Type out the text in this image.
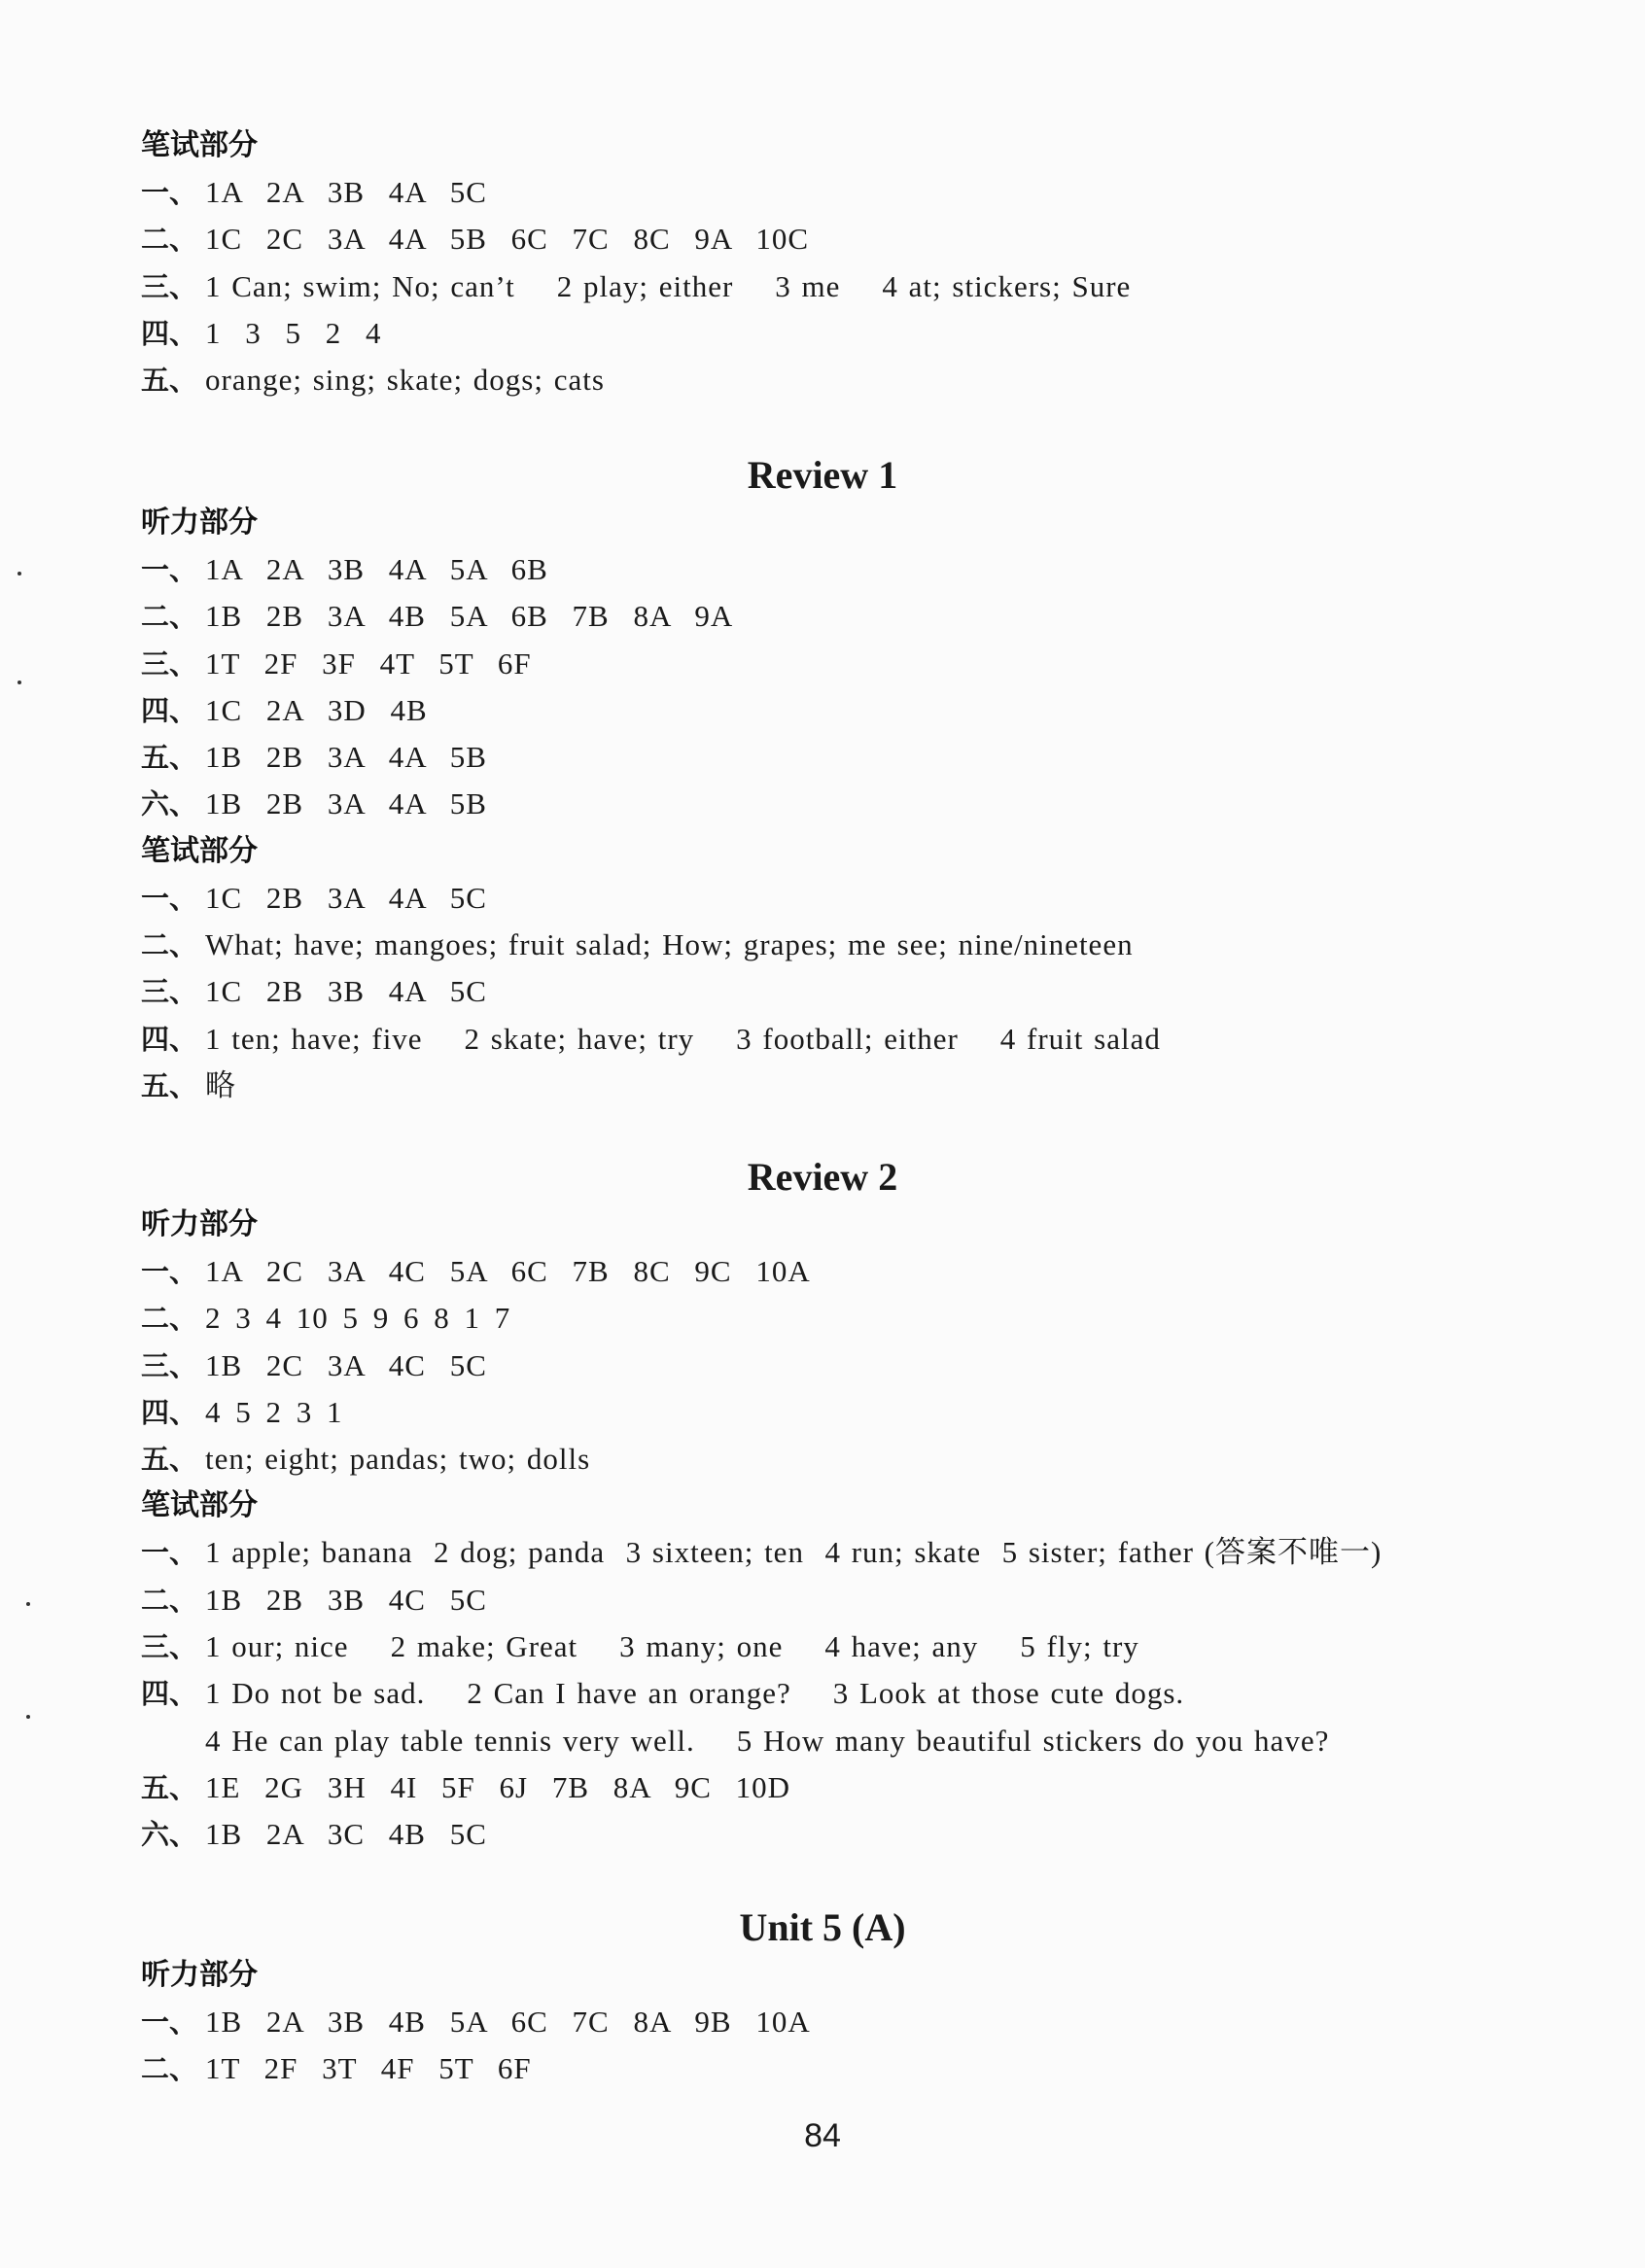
笔试部分
一、 1A 2A 3B 4A 5C
二、 1C 2C 3A 4A 5B 6C 7C 8C 9A 10C
三、 1 Can; swim; No; can’t    2 play; either    3 me    4 at; stickers; Sure
四、 1 3 5 2 4
五、 orange; sing; skate; dogs; cats
Review 1
听力部分
一、 1A 2A 3B 4A 5A 6B
二、 1B 2B 3A 4B 5A 6B 7B 8A 9A
三、 1T 2F 3F 4T 5T 6F
四、 1C 2A 3D 4B
五、 1B 2B 3A 4A 5B
六、 1B 2B 3A 4A 5B
笔试部分
一、 1C 2B 3A 4A 5C
二、 What; have; mangoes; fruit salad; How; grapes; me see; nine/nineteen
三、 1C 2B 3B 4A 5C
四、 1 ten; have; five    2 skate; have; try    3 football; either    4 fruit salad
五、 略
Review 2
听力部分
一、 1A 2C 3A 4C 5A 6C 7B 8C 9C 10A
二、 2 3 4 10 5 9 6 8 1 7
三、 1B 2C 3A 4C 5C
四、 4 5 2 3 1
五、 ten; eight; pandas; two; dolls
笔试部分
一、 1 apple; banana  2 dog; panda  3 sixteen; ten  4 run; skate  5 sister; father (答案不唯一)
二、 1B 2B 3B 4C 5C
三、 1 our; nice    2 make; Great    3 many; one    4 have; any    5 fly; try
四、 1 Do not be sad.    2 Can I have an orange?    3 Look at those cute dogs.
4 He can play table tennis very well.    5 How many beautiful stickers do you have?
五、 1E 2G 3H 4I 5F 6J 7B 8A 9C 10D
六、 1B 2A 3C 4B 5C
Unit 5 (A)
听力部分
一、 1B 2A 3B 4B 5A 6C 7C 8A 9B 10A
二、 1T 2F 3T 4F 5T 6F
84
